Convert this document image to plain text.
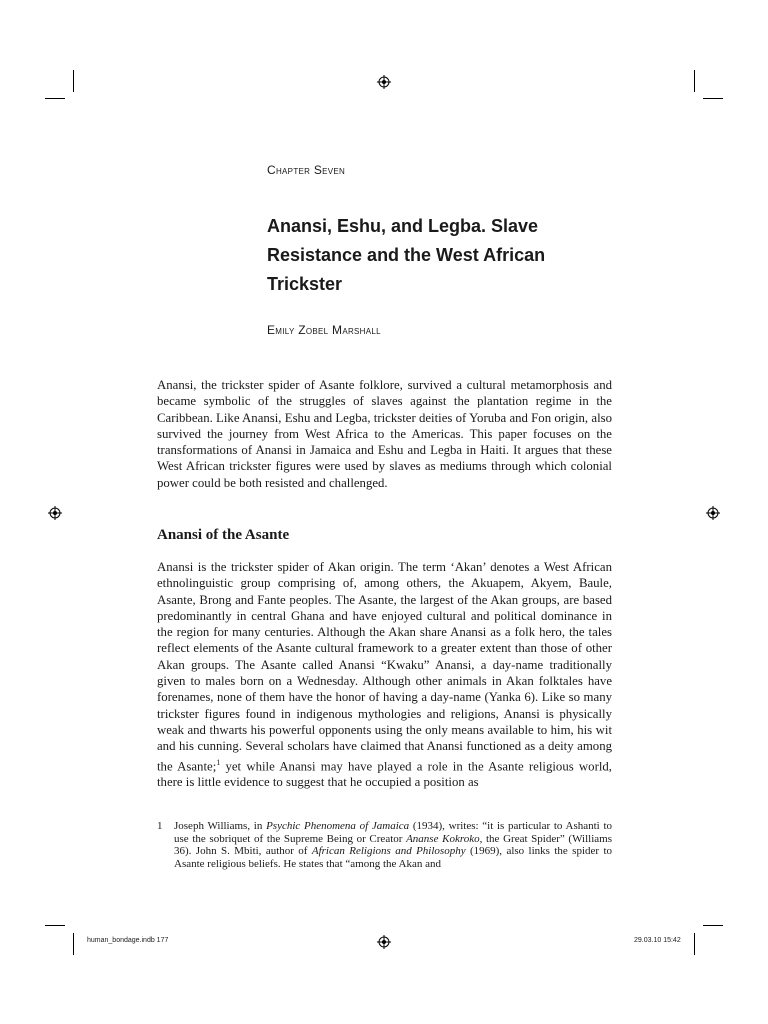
Chapter Seven
Anansi, Eshu, and Legba. Slave Resistance and the West African Trickster
Emily Zobel Marshall
Anansi, the trickster spider of Asante folklore, survived a cultural metamorphosis and became symbolic of the struggles of slaves against the plantation regime in the Caribbean. Like Anansi, Eshu and Legba, trickster deities of Yoruba and Fon origin, also survived the journey from West Africa to the Americas. This paper focuses on the transformations of Anansi in Jamaica and Eshu and Legba in Haiti. It argues that these West African trickster figures were used by slaves as mediums through which colonial power could be both resisted and challenged.
Anansi of the Asante
Anansi is the trickster spider of Akan origin. The term ‘Akan’ denotes a West African ethnolinguistic group comprising of, among others, the Akuapem, Akyem, Baule, Asante, Brong and Fante peoples. The Asante, the largest of the Akan groups, are based predominantly in central Ghana and have enjoyed cultural and political dominance in the region for many centuries. Although the Akan share Anansi as a folk hero, the tales reflect elements of the Asante cultural framework to a greater extent than those of other Akan groups. The Asante called Anansi “Kwaku” Anansi, a day-name traditionally given to males born on a Wednesday. Although other animals in Akan folktales have forenames, none of them have the honor of having a day-name (Yanka 6). Like so many trickster figures found in indigenous mythologies and religions, Anansi is physically weak and thwarts his powerful opponents using the only means available to him, his wit and his cunning. Several scholars have claimed that Anansi functioned as a deity among the Asante;$^1$ yet while Anansi may have played a role in the Asante religious world, there is little evidence to suggest that he occupied a position as
1 Joseph Williams, in Psychic Phenomena of Jamaica (1934), writes: “it is particular to Ashanti to use the sobriquet of the Supreme Being or Creator Ananse Kokroko, the Great Spider” (Williams 36). John S. Mbiti, author of African Religions and Philosophy (1969), also links the spider to Asante religious beliefs. He states that “among the Akan and
human_bondage.indb 177	29.03.10 15:42
